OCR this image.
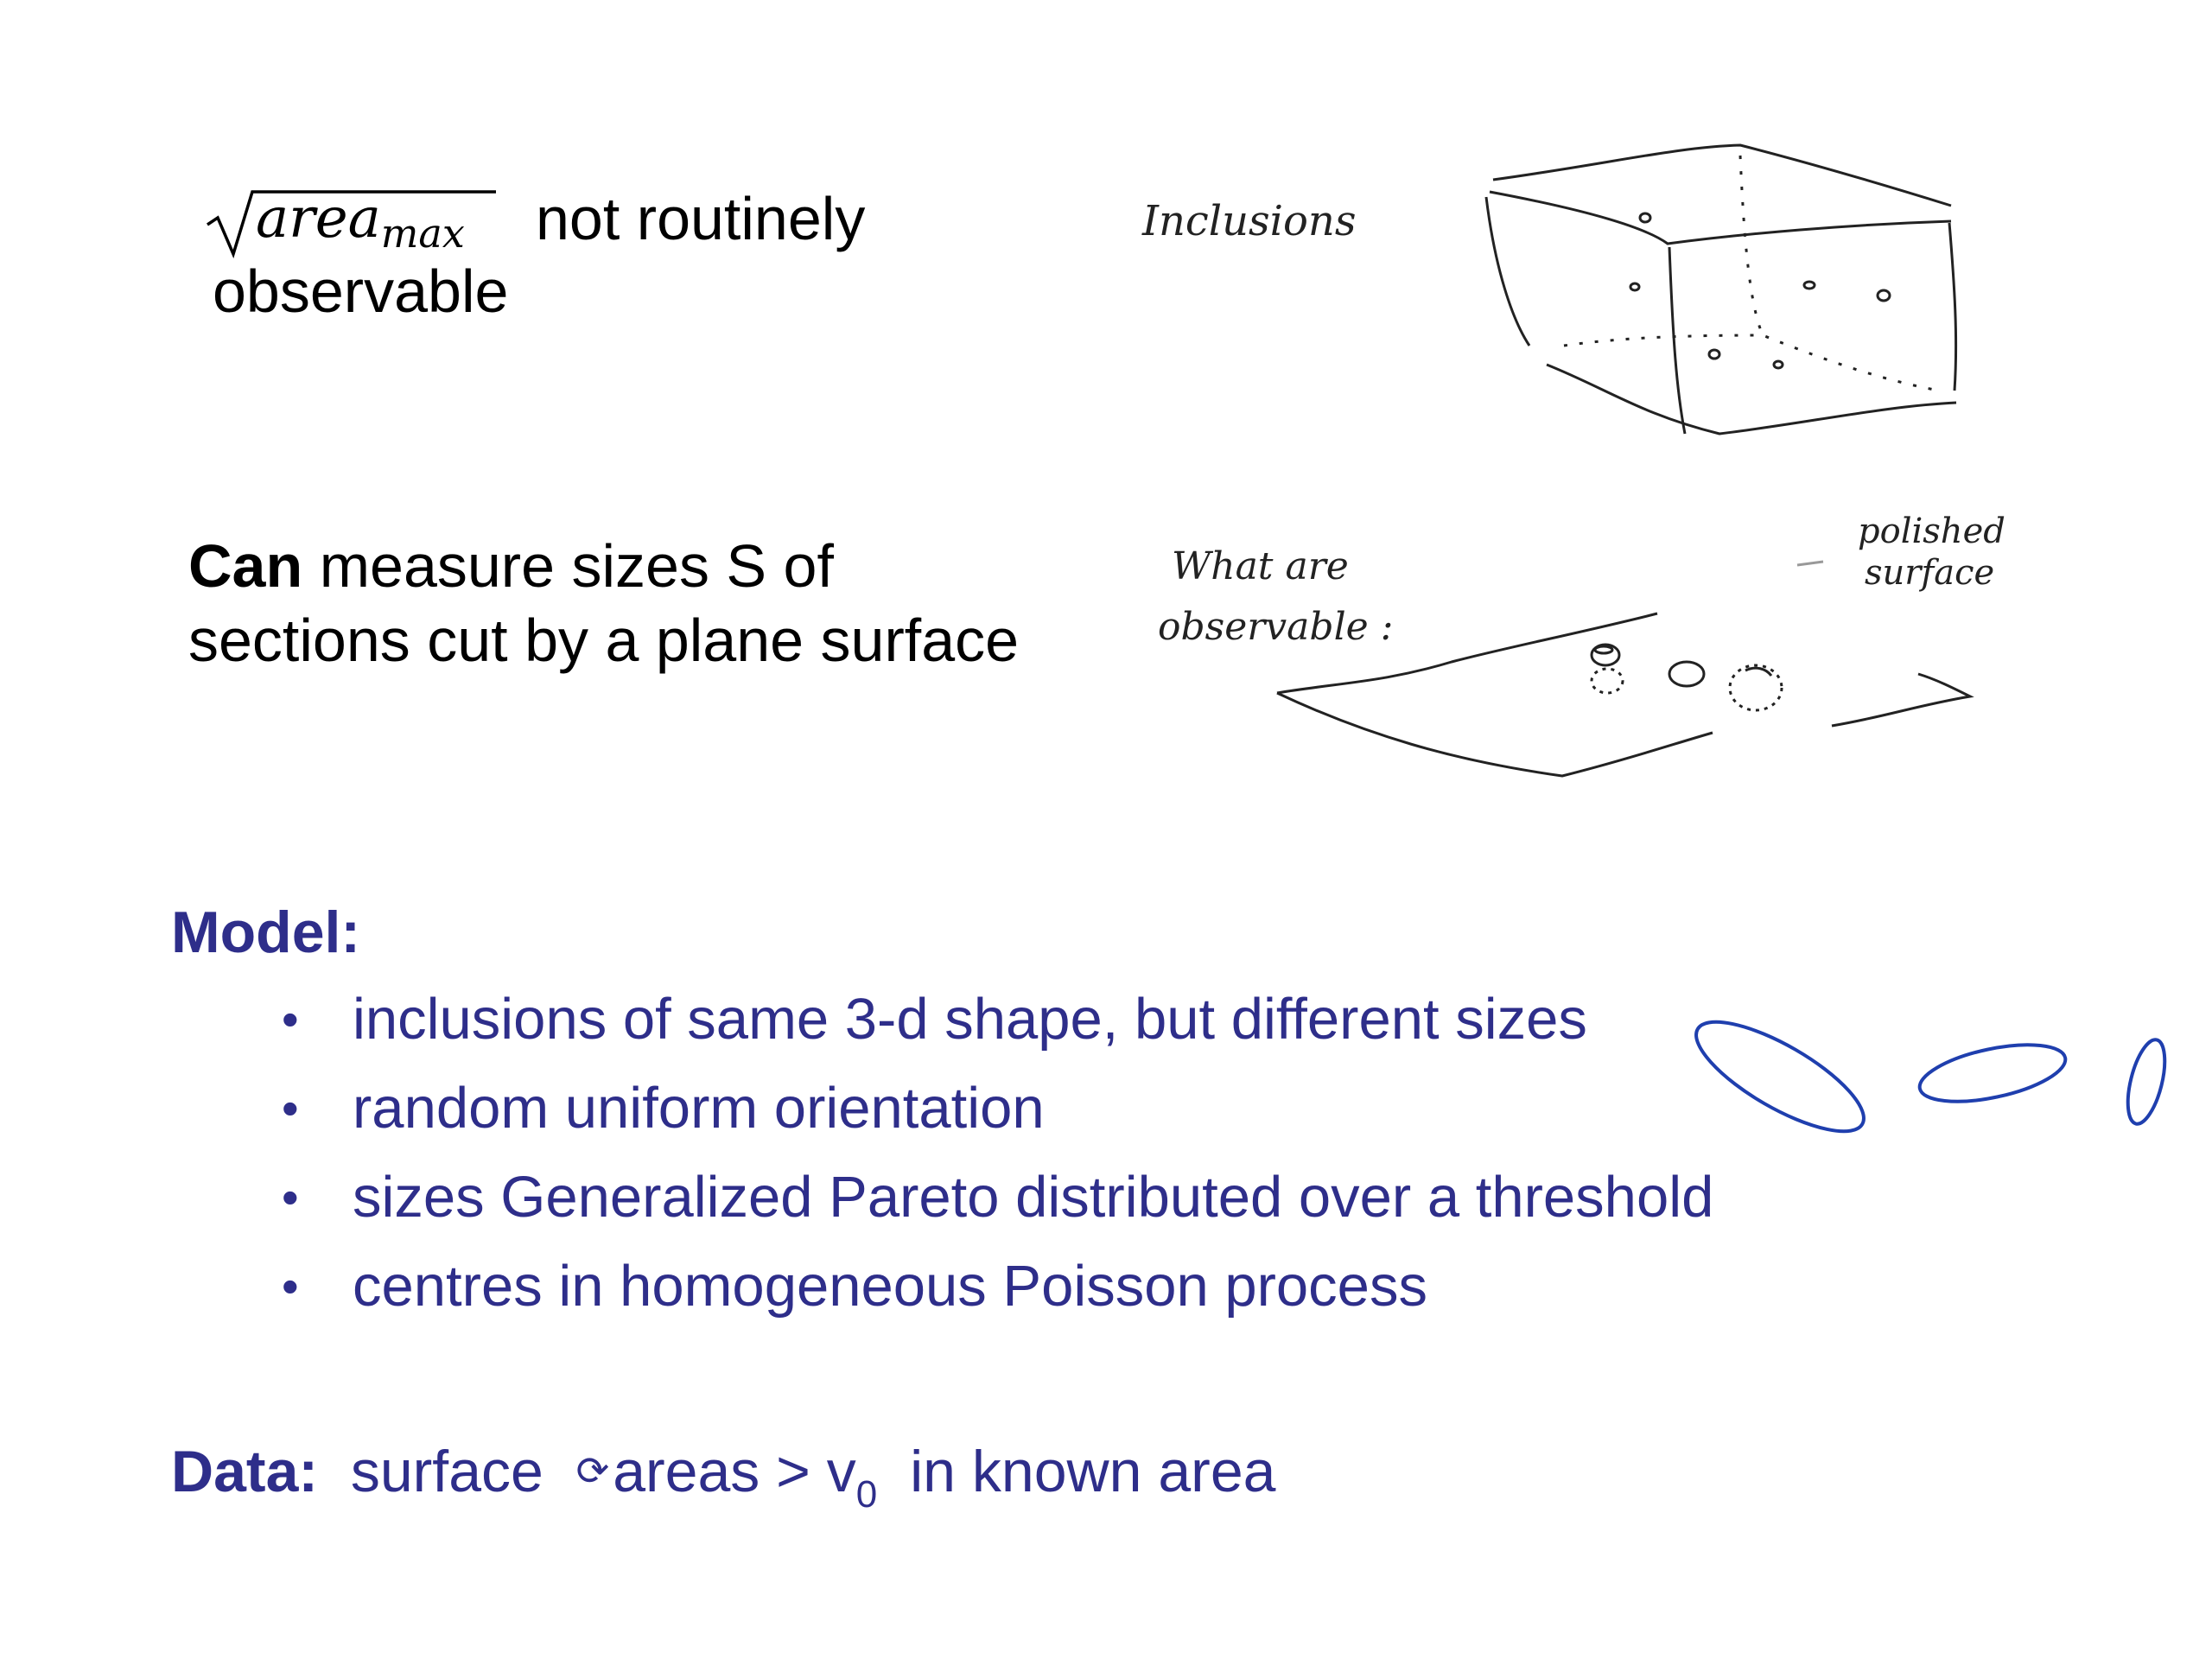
area$_{max}$ not routinely
observable
Inclusions
Can measure sizes S of
sections cut by a plane surface
What are
observable :
polished
surface
Model:
• inclusions of same 3-d shape, but different sizes
• random uniform orientation
• sizes Generalized Pareto distributed over a threshold
• centres in homogeneous Poisson process
Data: surface ⟳areas > $v_0$ in known area
